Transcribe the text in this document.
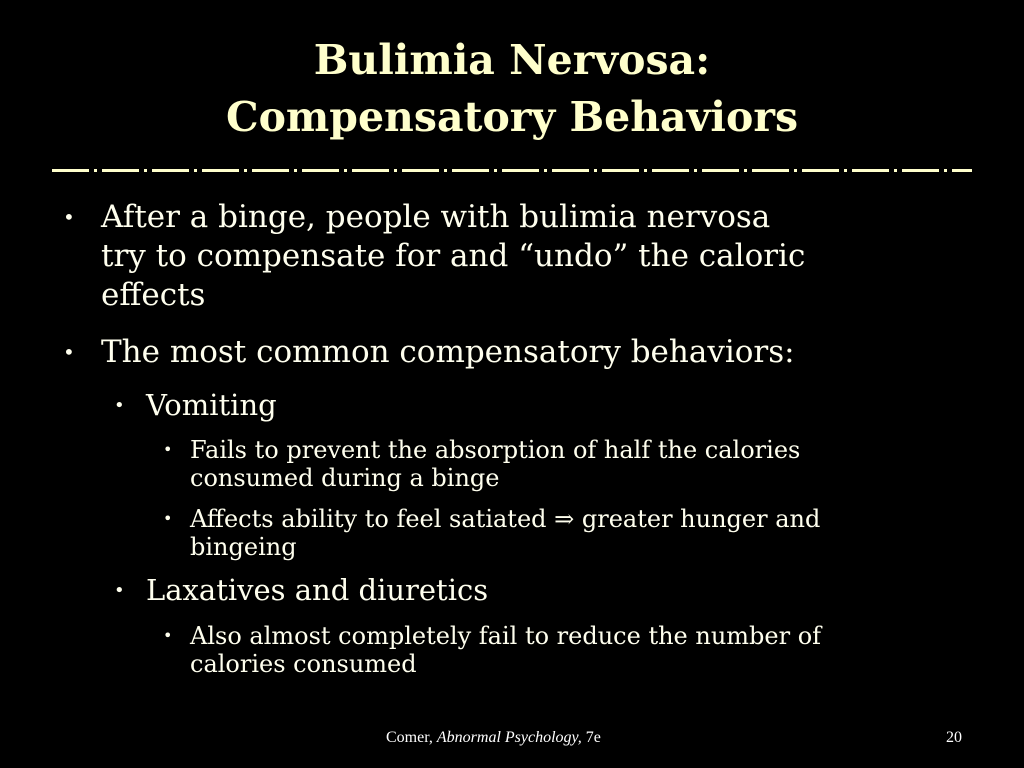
Bulimia Nervosa:
Compensatory Behaviors
• After a binge, people with bulimia nervosa
try to compensate for and “undo” the caloric
effects
• The most common compensatory behaviors:
• Vomiting
• Fails to prevent the absorption of half the calories
consumed during a binge
• Affects ability to feel satiated ⇒ greater hunger and
bingeing
• Laxatives and diuretics
• Also almost completely fail to reduce the number of
calories consumed
Comer, Abnormal Psychology, 7e	20
